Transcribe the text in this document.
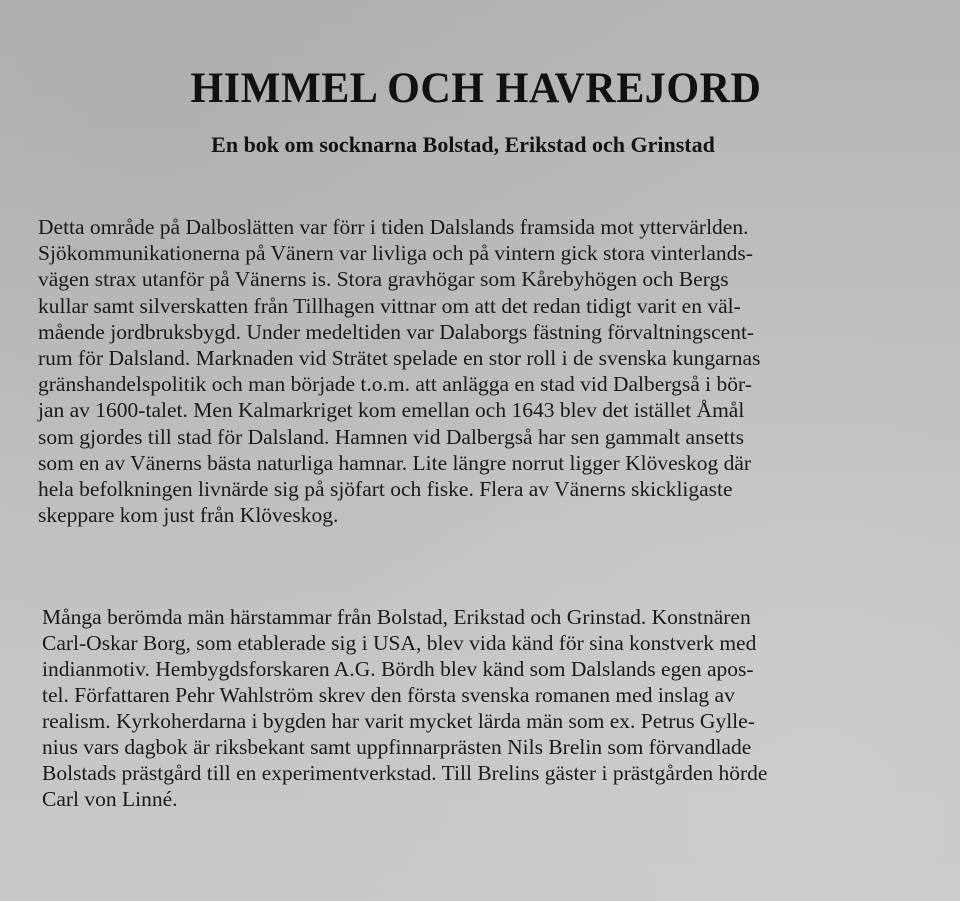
HIMMEL OCH HAVREJORD
En bok om socknarna Bolstad, Erikstad och Grinstad
Detta område på Dalboslätten var förr i tiden Dalslands framsida mot yttervärlden.
Sjökommunikationerna på Vänern var livliga och på vintern gick stora vinterlands-
vägen strax utanför på Vänerns is. Stora gravhögar som Kårebyhögen och Bergs
kullar samt silverskatten från Tillhagen vittnar om att det redan tidigt varit en väl-
mående jordbruksbygd. Under medeltiden var Dalaborgs fästning förvaltningscent-
rum för Dalsland. Marknaden vid Strätet spelade en stor roll i de svenska kungarnas
gränshandelspolitik och man började t.o.m. att anlägga en stad vid Dalbergså i bör-
jan av 1600-talet. Men Kalmarkriget kom emellan och 1643 blev det istället Åmål
som gjordes till stad för Dalsland. Hamnen vid Dalbergså har sen gammalt ansetts
som en av Vänerns bästa naturliga hamnar. Lite längre norrut ligger Klöveskog där
hela befolkningen livnärde sig på sjöfart och fiske. Flera av Vänerns skickligaste
skeppare kom just från Klöveskog.
Många berömda män härstammar från Bolstad, Erikstad och Grinstad. Konstnären
Carl-Oskar Borg, som etablerade sig i USA, blev vida känd för sina konstverk med
indianmotiv. Hembygdsforskaren A.G. Bördh blev känd som Dalslands egen apos-
tel. Författaren Pehr Wahlström skrev den första svenska romanen med inslag av
realism. Kyrkoherdarna i bygden har varit mycket lärda män som ex. Petrus Gylle-
nius vars dagbok är riksbekant samt uppfinnarprästen Nils Brelin som förvandlade
Bolstads prästgård till en experimentverkstad. Till Brelins gäster i prästgården hörde
Carl von Linné.
